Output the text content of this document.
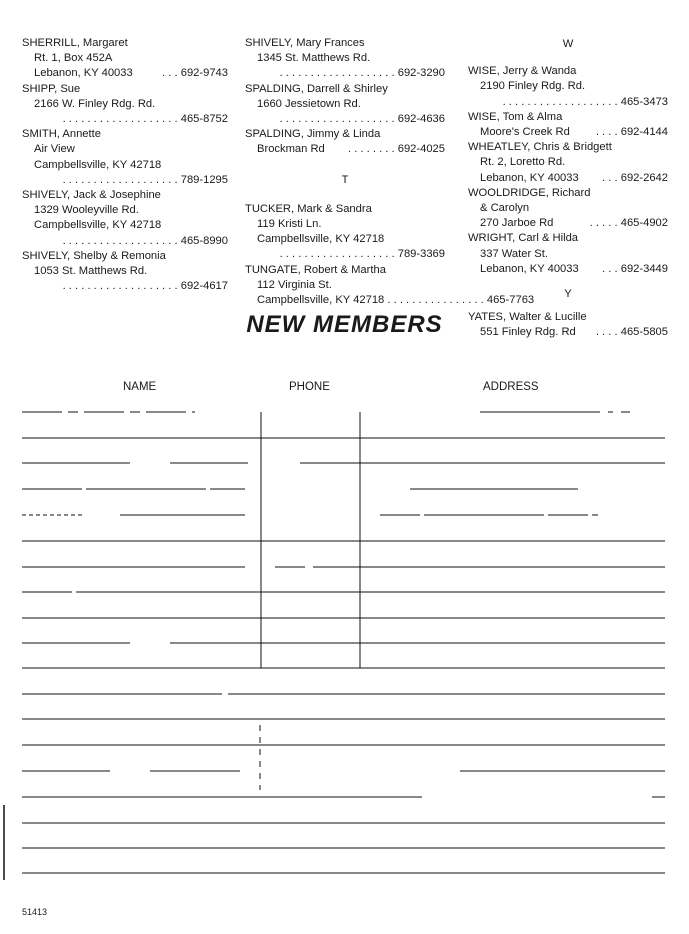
SHERRILL, Margaret
Rt. 1, Box 452A
Lebanon, KY 40033	. . . 692-9743
SHIPP, Sue
2166 W. Finley Rdg. Rd.
. . . . . . . . . . . . . . . . . . . 465-8752
SMITH, Annette
Air View
Campbellsville, KY 42718
. . . . . . . . . . . . . . . . . . . 789-1295
SHIVELY, Jack & Josephine
1329 Wooleyville Rd.
Campbellsville, KY 42718
. . . . . . . . . . . . . . . . . . . 465-8990
SHIVELY, Shelby & Remonia
1053 St. Matthews Rd.
. . . . . . . . . . . . . . . . . . . 692-4617
SHIVELY, Mary Frances
1345 St. Matthews Rd.
. . . . . . . . . . . . . . . . . . . 692-3290
SPALDING, Darrell & Shirley
1660 Jessietown Rd.
. . . . . . . . . . . . . . . . . . . 692-4636
SPALDING, Jimmy & Linda
Brockman Rd	. . . . . . . . 692-4025
T
TUCKER, Mark & Sandra
119 Kristi Ln.
Campbellsville, KY 42718
. . . . . . . . . . . . . . . . . . . 789-3369
TUNGATE, Robert & Martha
112 Virginia St.
Campbellsville, KY 42718 . . . . . . . . . . . . . . . . 465-7763
W
WISE, Jerry & Wanda
2190 Finley Rdg. Rd.
. . . . . . . . . . . . . . . . . . . 465-3473
WISE, Tom & Alma
Moore's Creek Rd	. . . . 692-4144
WHEATLEY, Chris & Bridgett
Rt. 2, Loretto Rd.
Lebanon, KY 40033	. . . 692-2642
WOOLDRIDGE, Richard
& Carolyn
270 Jarboe Rd	. . . . . 465-4902
WRIGHT, Carl & Hilda
337 Water St.
Lebanon, KY 40033	. . . 692-3449
Y
YATES, Walter & Lucille
551 Finley Rdg. Rd	. . . . 465-5805
NEW MEMBERS
NAME	PHONE	ADDRESS
51413
